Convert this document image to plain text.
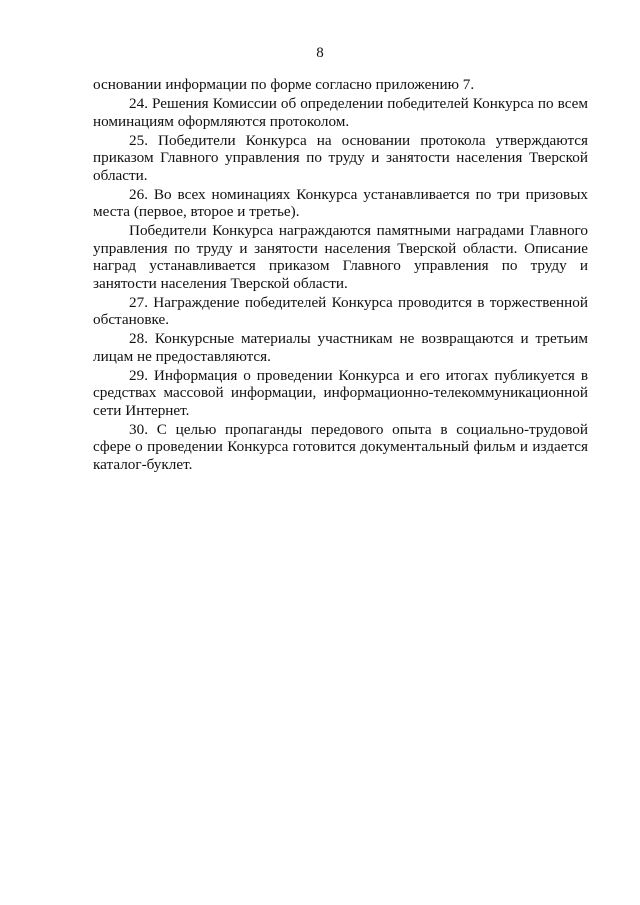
8

основании информации по форме согласно приложению 7.

24. Решения Комиссии об определении победителей Конкурса по всем номинациям оформляются протоколом.

25. Победители Конкурса на основании протокола утверждаются приказом Главного управления по труду и занятости населения Тверской области.

26. Во всех номинациях Конкурса устанавливается по три призовых места (первое, второе и третье).

Победители Конкурса награждаются памятными наградами Главного управления по труду и занятости населения Тверской области. Описание наград устанавливается приказом Главного управления по труду и занятости населения Тверской области.

27. Награждение победителей Конкурса проводится в торжественной обстановке.

28. Конкурсные материалы участникам не возвращаются и третьим лицам не предоставляются.

29. Информация о проведении Конкурса и его итогах публикуется в средствах массовой информации, информационно-телекоммуникационной сети Интернет.

30. С целью пропаганды передового опыта в социально-трудовой сфере о проведении Конкурса готовится документальный фильм и издается каталог-буклет.
